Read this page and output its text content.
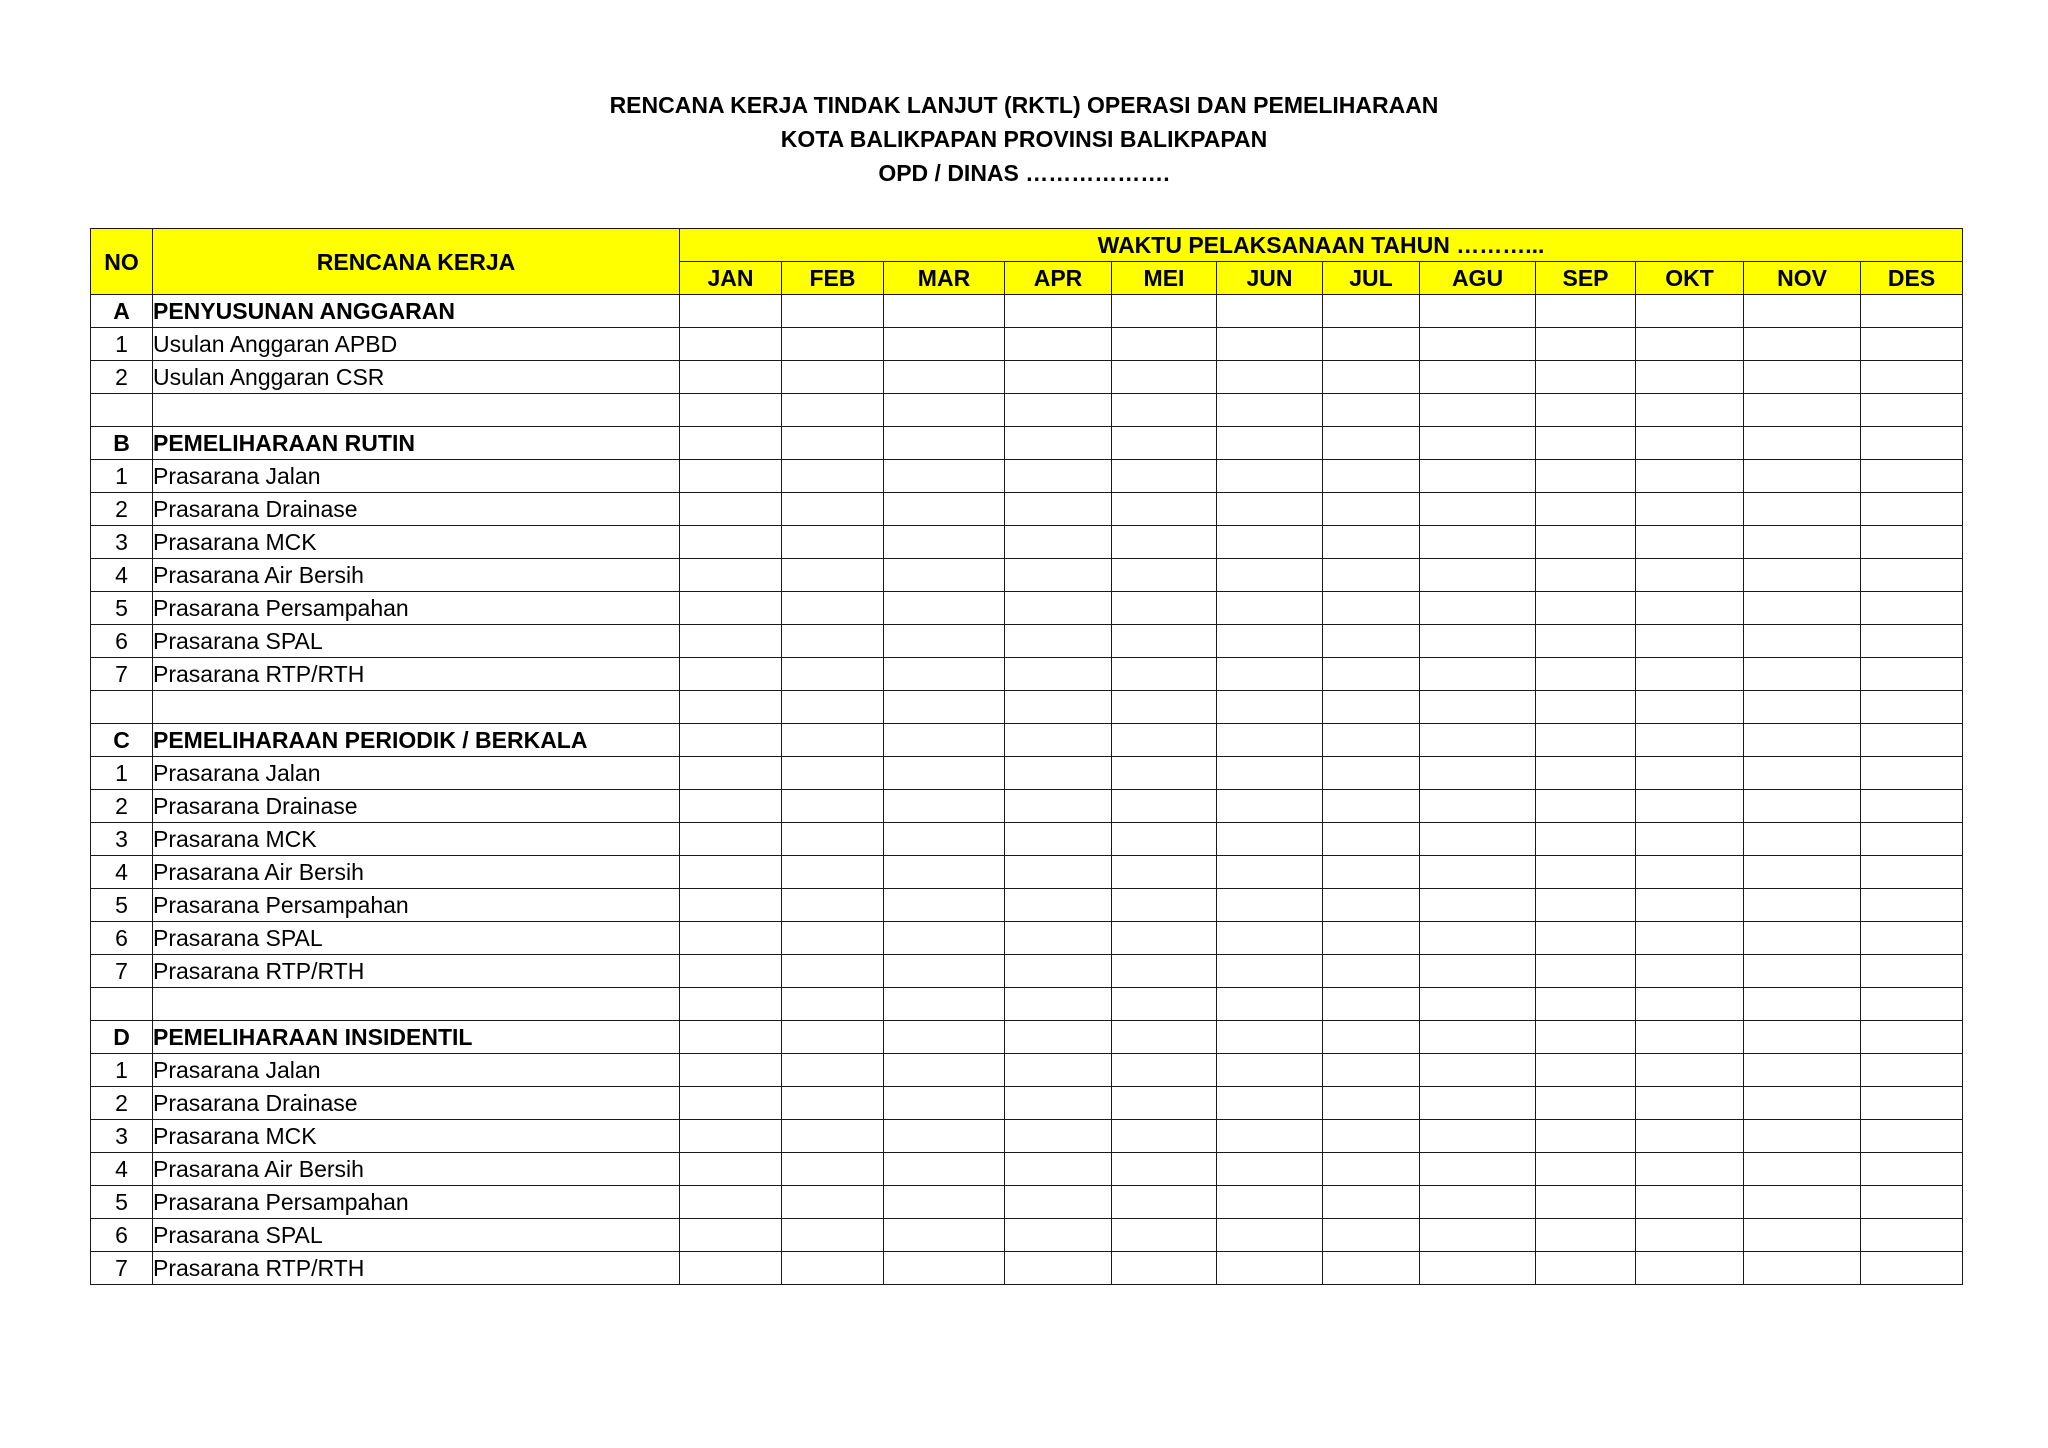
RENCANA KERJA TINDAK LANJUT (RKTL) OPERASI DAN PEMELIHARAAN
KOTA BALIKPAPAN PROVINSI BALIKPAPAN
OPD / DINAS ……………….
NO	RENCANA KERJA	WAKTU PELAKSANAAN TAHUN ………...											
		JAN	FEB	MAR	APR	MEI	JUN	JUL	AGU	SEP	OKT	NOV	DES
A	PENYUSUNAN ANGGARAN												
1	Usulan Anggaran APBD												
2	Usulan Anggaran CSR												

B	PEMELIHARAAN RUTIN												
1	Prasarana Jalan												
2	Prasarana Drainase												
3	Prasarana MCK												
4	Prasarana Air Bersih												
5	Prasarana Persampahan												
6	Prasarana SPAL												
7	Prasarana RTP/RTH												

C	PEMELIHARAAN PERIODIK / BERKALA												
1	Prasarana Jalan												
2	Prasarana Drainase												
3	Prasarana MCK												
4	Prasarana Air Bersih												
5	Prasarana Persampahan												
6	Prasarana SPAL												
7	Prasarana RTP/RTH												

D	PEMELIHARAAN INSIDENTIL												
1	Prasarana Jalan												
2	Prasarana Drainase												
3	Prasarana MCK												
4	Prasarana Air Bersih												
5	Prasarana Persampahan												
6	Prasarana SPAL												
7	Prasarana RTP/RTH												
